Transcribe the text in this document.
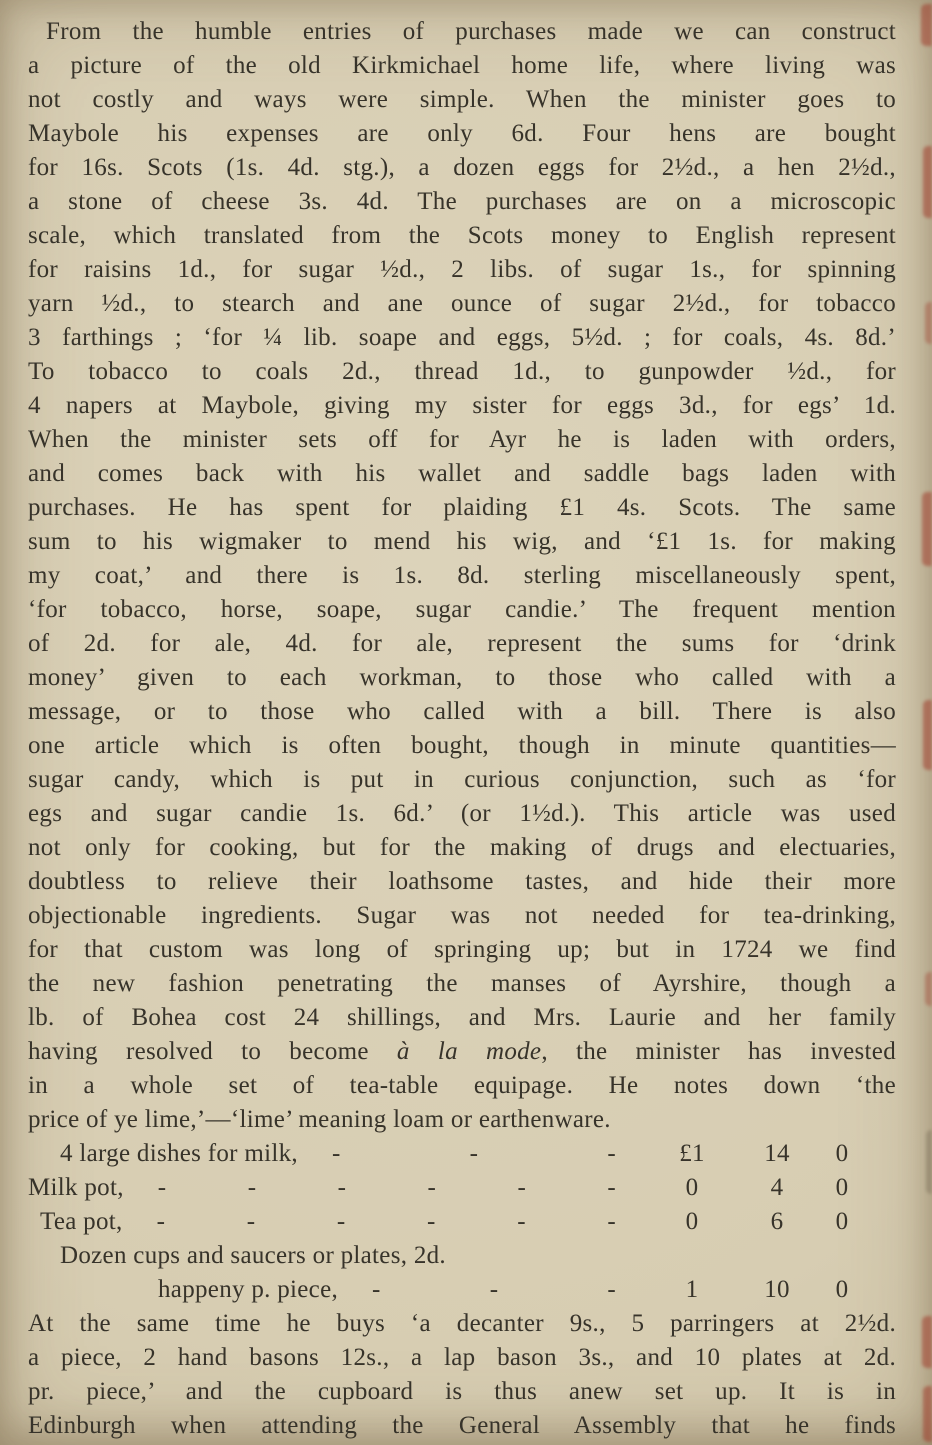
From the humble entries of purchases made we can construct
a picture of the old Kirkmichael home life, where living was
not costly and ways were simple. When the minister goes to
Maybole his expenses are only 6d. Four hens are bought
for 16s. Scots (1s. 4d. stg.), a dozen eggs for 2½d., a hen 2½d.,
a stone of cheese 3s. 4d. The purchases are on a microscopic
scale, which translated from the Scots money to English represent
for raisins 1d., for sugar ½d., 2 libs. of sugar 1s., for spinning
yarn ½d., to stearch and ane ounce of sugar 2½d., for tobacco
3 farthings ; ‘for ¼ lib. soape and eggs, 5½d. ; for coals, 4s. 8d.’
To tobacco to coals 2d., thread 1d., to gunpowder ½d., for
4 napers at Maybole, giving my sister for eggs 3d., for egs’ 1d.
When the minister sets off for Ayr he is laden with orders,
and comes back with his wallet and saddle bags laden with
purchases. He has spent for plaiding £1 4s. Scots. The same
sum to his wigmaker to mend his wig, and ‘£1 1s. for making
my coat,’ and there is 1s. 8d. sterling miscellaneously spent,
‘for tobacco, horse, soape, sugar candie.’ The frequent mention
of 2d. for ale, 4d. for ale, represent the sums for ‘drink
money’ given to each workman, to those who called with a
message, or to those who called with a bill. There is also
one article which is often bought, though in minute quantities—
sugar candy, which is put in curious conjunction, such as ‘for
egs and sugar candie 1s. 6d.’ (or 1½d.). This article was used
not only for cooking, but for the making of drugs and electuaries,
doubtless to relieve their loathsome tastes, and hide their more
objectionable ingredients. Sugar was not needed for tea-drinking,
for that custom was long of springing up; but in 1724 we find
the new fashion penetrating the manses of Ayrshire, though a
lb. of Bohea cost 24 shillings, and Mrs. Laurie and her family
having resolved to become à la mode, the minister has invested
in a whole set of tea-table equipage. He notes down ‘the
price of ye lime,’—‘lime’ meaning loam or earthenware.
4 large dishes for milk, - - -	£1	14	0
Milk pot, - - - - - -	0	4	0
Tea pot, - - - - - -	0	6	0
Dozen cups and saucers or plates, 2d.
happeny p. piece, - - -	1	10	0
At the same time he buys ‘a decanter 9s., 5 parringers at 2½d.
a piece, 2 hand basons 12s., a lap bason 3s., and 10 plates at 2d.
pr. piece,’ and the cupboard is thus anew set up. It is in
Edinburgh when attending the General Assembly that he finds
